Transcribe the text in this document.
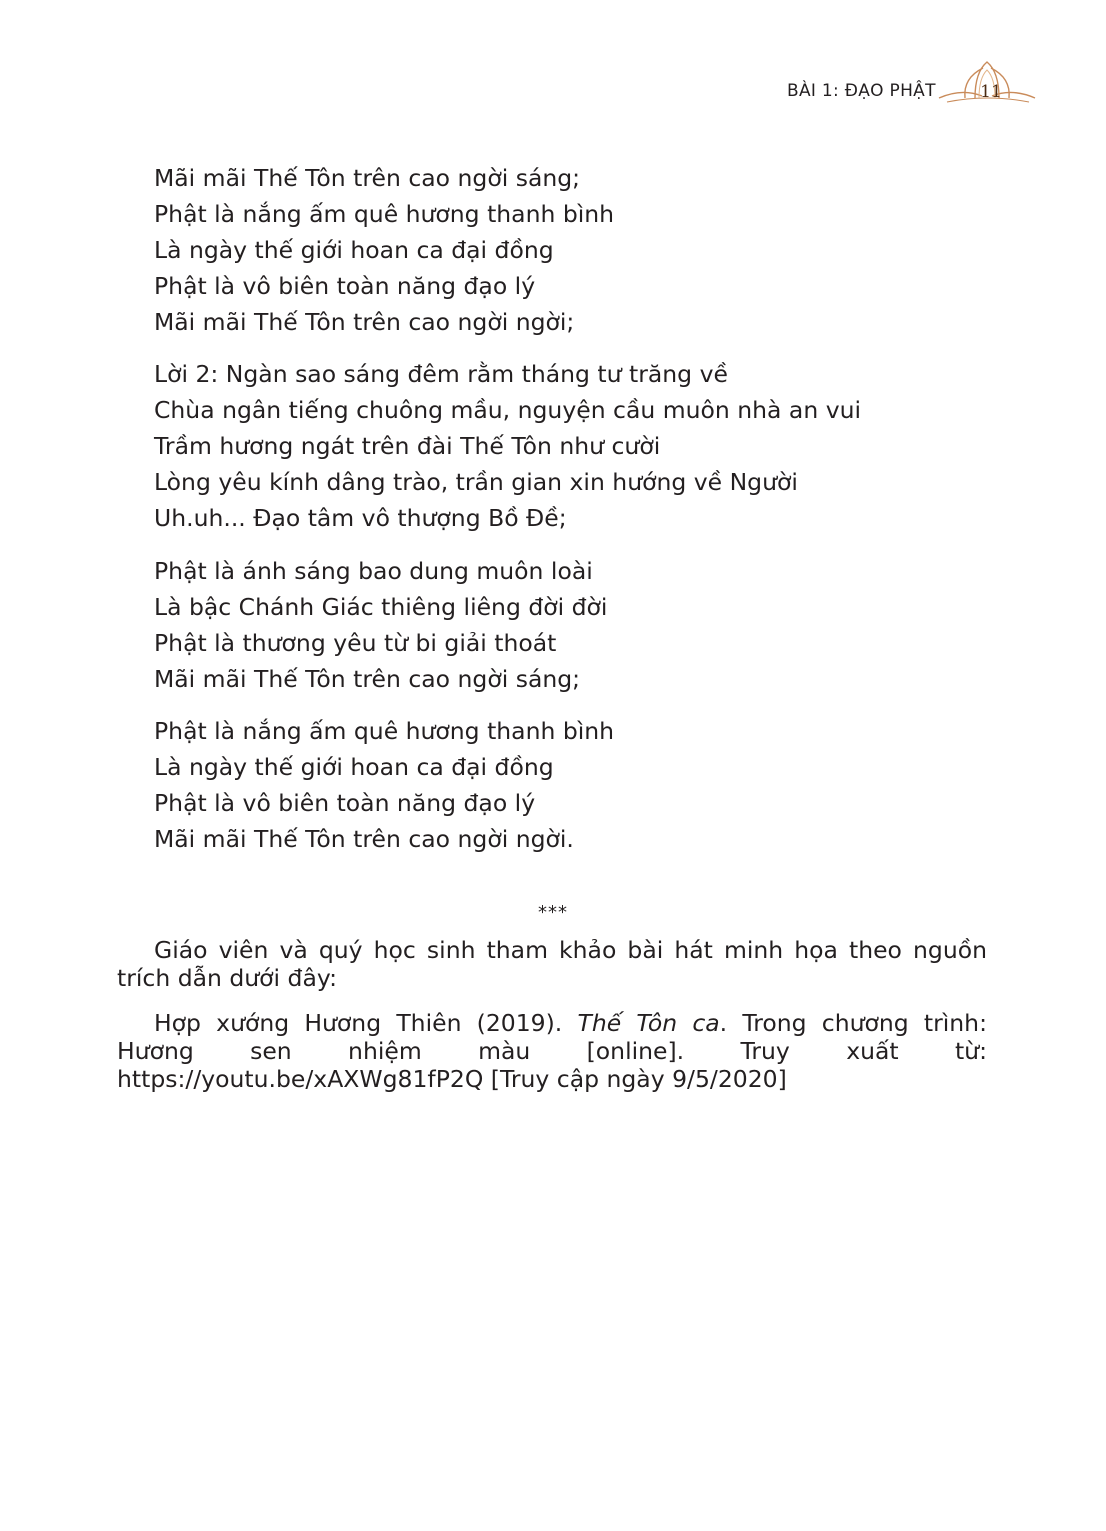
BÀI 1: ĐẠO PHẬT	11
Mãi mãi Thế Tôn trên cao ngời sáng;
Phật là nắng ấm quê hương thanh bình
Là ngày thế giới hoan ca đại đồng
Phật là vô biên toàn năng đạo lý
Mãi mãi Thế Tôn trên cao ngời ngời;
Lời 2: Ngàn sao sáng đêm rằm tháng tư trăng về
Chùa ngân tiếng chuông mầu, nguyện cầu muôn nhà an vui
Trầm hương ngát trên đài Thế Tôn như cười
Lòng yêu kính dâng trào, trần gian xin hướng về Người
Uh.uh... Đạo tâm vô thượng Bồ Đề;
Phật là ánh sáng bao dung muôn loài
Là bậc Chánh Giác thiêng liêng đời đời
Phật là thương yêu từ bi giải thoát
Mãi mãi Thế Tôn trên cao ngời sáng;
Phật là nắng ấm quê hương thanh bình
Là ngày thế giới hoan ca đại đồng
Phật là vô biên toàn năng đạo lý
Mãi mãi Thế Tôn trên cao ngời ngời.
***

Giáo viên và quý học sinh tham khảo bài hát minh họa theo nguồn trích dẫn dưới đây:

Hợp xướng Hương Thiên (2019). Thế Tôn ca. Trong chương trình: Hương sen nhiệm màu [online]. Truy xuất từ: https://youtu.be/xAXWg81fP2Q [Truy cập ngày 9/5/2020]
